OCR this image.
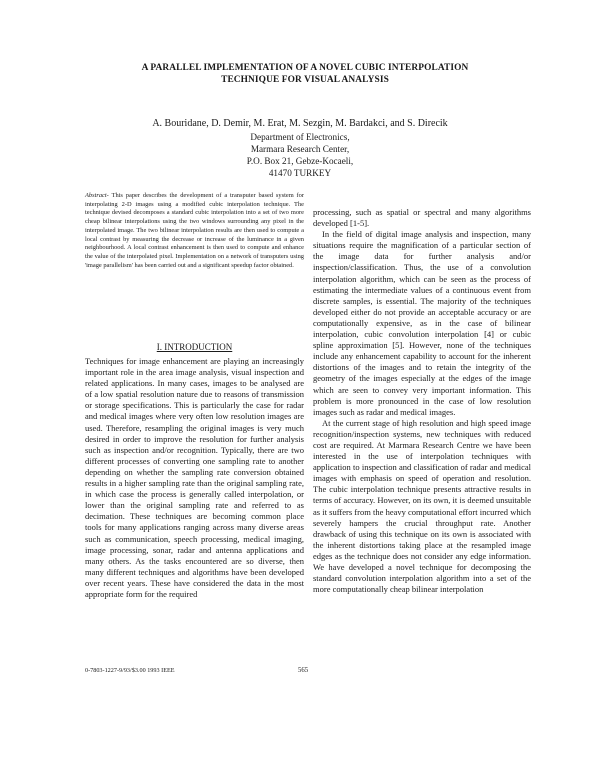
A PARALLEL IMPLEMENTATION OF A NOVEL CUBIC INTERPOLATION
TECHNIQUE FOR VISUAL ANALYSIS
A. Bouridane, D. Demir, M. Erat, M. Sezgin, M. Bardakci, and S. Direcik
Department of Electronics,
Marmara Research Center,
P.O. Box 21, Gebze-Kocaeli,
41470 TURKEY

Abstract- This paper describes the development of a transputer based system for interpolating 2-D images using a modified cubic interpolation technique. The technique devised decomposes a standard cubic interpolation into a set of two more cheap bilinear interpolations using the two windows surrounding any pixel in the interpolated image. The two bilinear interpolation results are then used to compute a local contrast by measuring the decrease or increase of the luminance in a given neighbourhood. A local contrast enhancement is then used to compute and enhance the value of the interpolated pixel. Implementation on a network of transputers using 'image parallelism' has been carried out and a significant speedup factor obtained.

I. INTRODUCTION

Techniques for image enhancement are playing an increasingly important role in the area image analysis, visual inspection and related applications. In many cases, images to be analysed are of a low spatial resolution nature due to reasons of transmission or storage specifications. This is particularly the case for radar and medical images where very often low resolution images are used. Therefore, resampling the original images is very much desired in order to improve the resolution for further analysis such as inspection and/or recognition. Typically, there are two different processes of converting one sampling rate to another depending on whether the sampling rate conversion obtained results in a higher sampling rate than the original sampling rate, in which case the process is generally called interpolation, or lower than the original sampling rate and referred to as decimation. These techniques are becoming common place tools for many applications ranging across many diverse areas such as communication, speech processing, medical imaging, image processing, sonar, radar and antenna applications and many others. As the tasks encountered are so diverse, then many different techniques and algorithms have been developed over recent years. These have considered the data in the most appropriate form for the required

processing, such as spatial or spectral and many algorithms developed [1-5].

In the field of digital image analysis and inspection, many situations require the magnification of a particular section of the image data for further analysis and/or inspection/classification. Thus, the use of a convolution interpolation algorithm, which can be seen as the process of estimating the intermediate values of a continuous event from discrete samples, is essential. The majority of the techniques developed either do not provide an acceptable accuracy or are computationally expensive, as in the case of bilinear interpolation, cubic convolution interpolation [4] or cubic spline approximation [5]. However, none of the techniques include any enhancement capability to account for the inherent distortions of the images and to retain the integrity of the geometry of the images especially at the edges of the image which are seen to convey very important information. This problem is more pronounced in the case of low resolution images such as radar and medical images.

At the current stage of high resolution and high speed image recognition/inspection systems, new techniques with reduced cost are required. At Marmara Research Centre we have been interested in the use of interpolation techniques with application to inspection and classification of radar and medical images with emphasis on speed of operation and resolution. The cubic interpolation technique presents attractive results in terms of accuracy. However, on its own, it is deemed unsuitable as it suffers from the heavy computational effort incurred which severely hampers the crucial throughput rate. Another drawback of using this technique on its own is associated with the inherent distortions taking place at the resampled image edges as the technique does not consider any edge information. We have developed a novel technique for decomposing the standard convolution interpolation algorithm into a set of the more computationally cheap bilinear interpolation

0-7803-1227-9/93/$3.00 1993 IEEE	565
